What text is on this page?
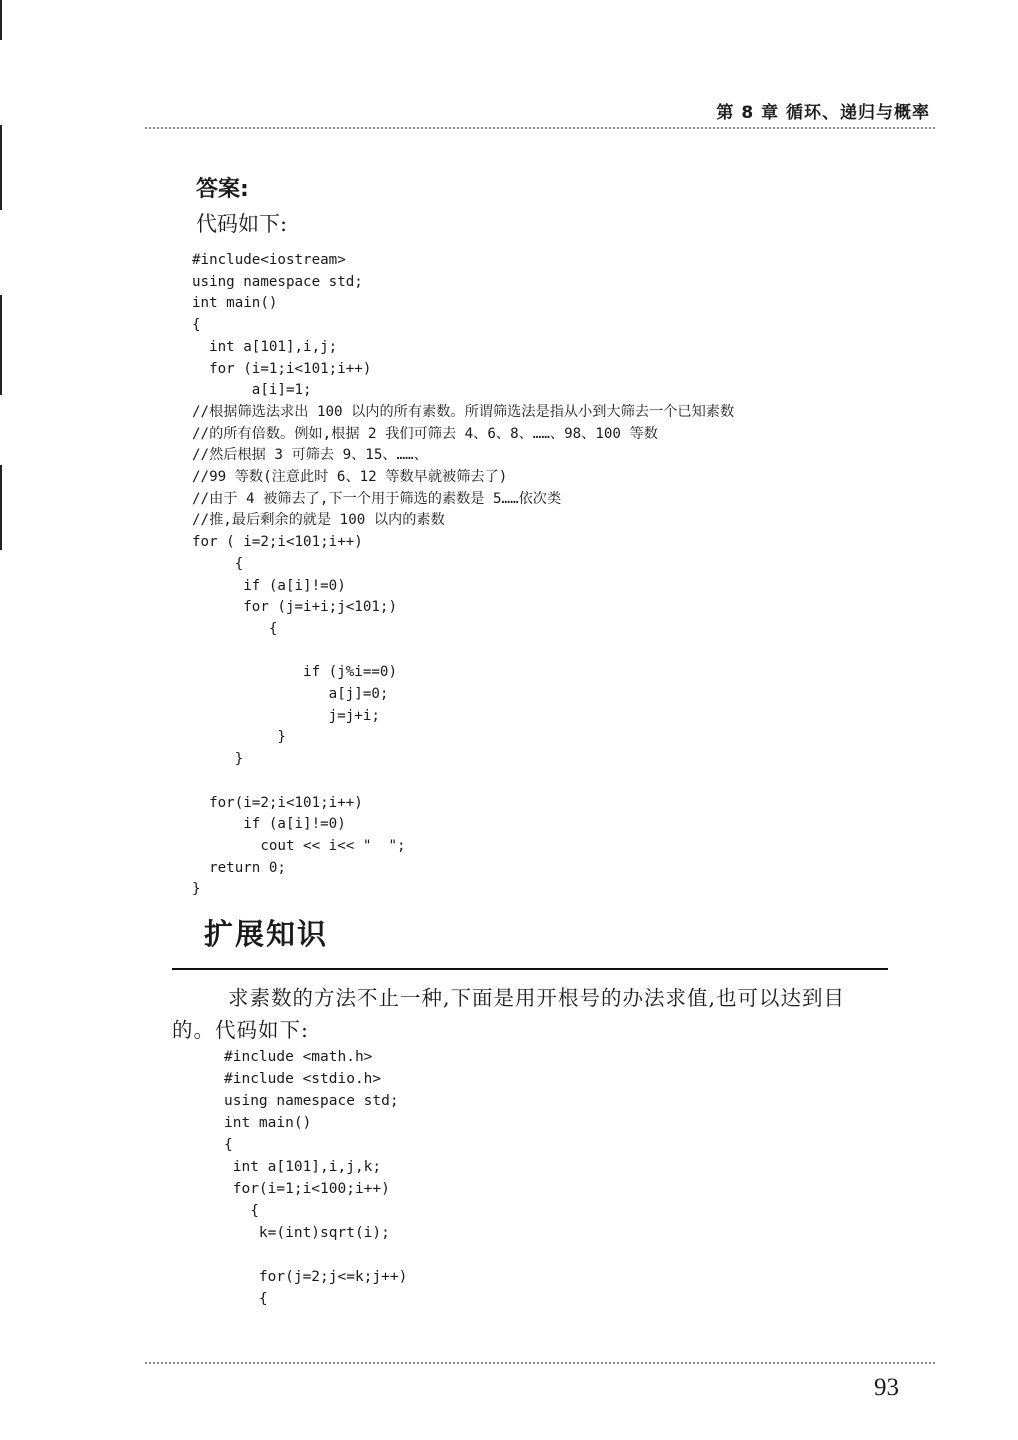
第 8 章 循环、递归与概率
答案:
代码如下:
#include<iostream>
using namespace std;
int main()
{
int a[101],i,j;
for (i=1;i<101;i++)
a[i]=1;
//根据筛选法求出 100 以内的所有素数。所谓筛选法是指从小到大筛去一个已知素数
//的所有倍数。例如,根据 2 我们可筛去 4、6、8、……、98、100 等数
//然后根据 3 可筛去 9、15、……、
//99 等数(注意此时 6、12 等数早就被筛去了)
//由于 4 被筛去了,下一个用于筛选的素数是 5……依次类
//推,最后剩余的就是 100 以内的素数
for ( i=2;i<101;i++)
{
if (a[i]!=0)
for (j=i+i;j<101;)
{

if (j%i==0)
a[j]=0;
j=j+i;
}
}

for(i=2;i<101;i++)
if (a[i]!=0)
cout << i<< "  ";
return 0;
}
扩展知识
求素数的方法不止一种,下面是用开根号的办法求值,也可以达到目的。代码如下:
#include <math.h>
#include <stdio.h>
using namespace std;
int main()
{
int a[101],i,j,k;
for(i=1;i<100;i++)
{
k=(int)sqrt(i);

for(j=2;j<=k;j++)
{
93
